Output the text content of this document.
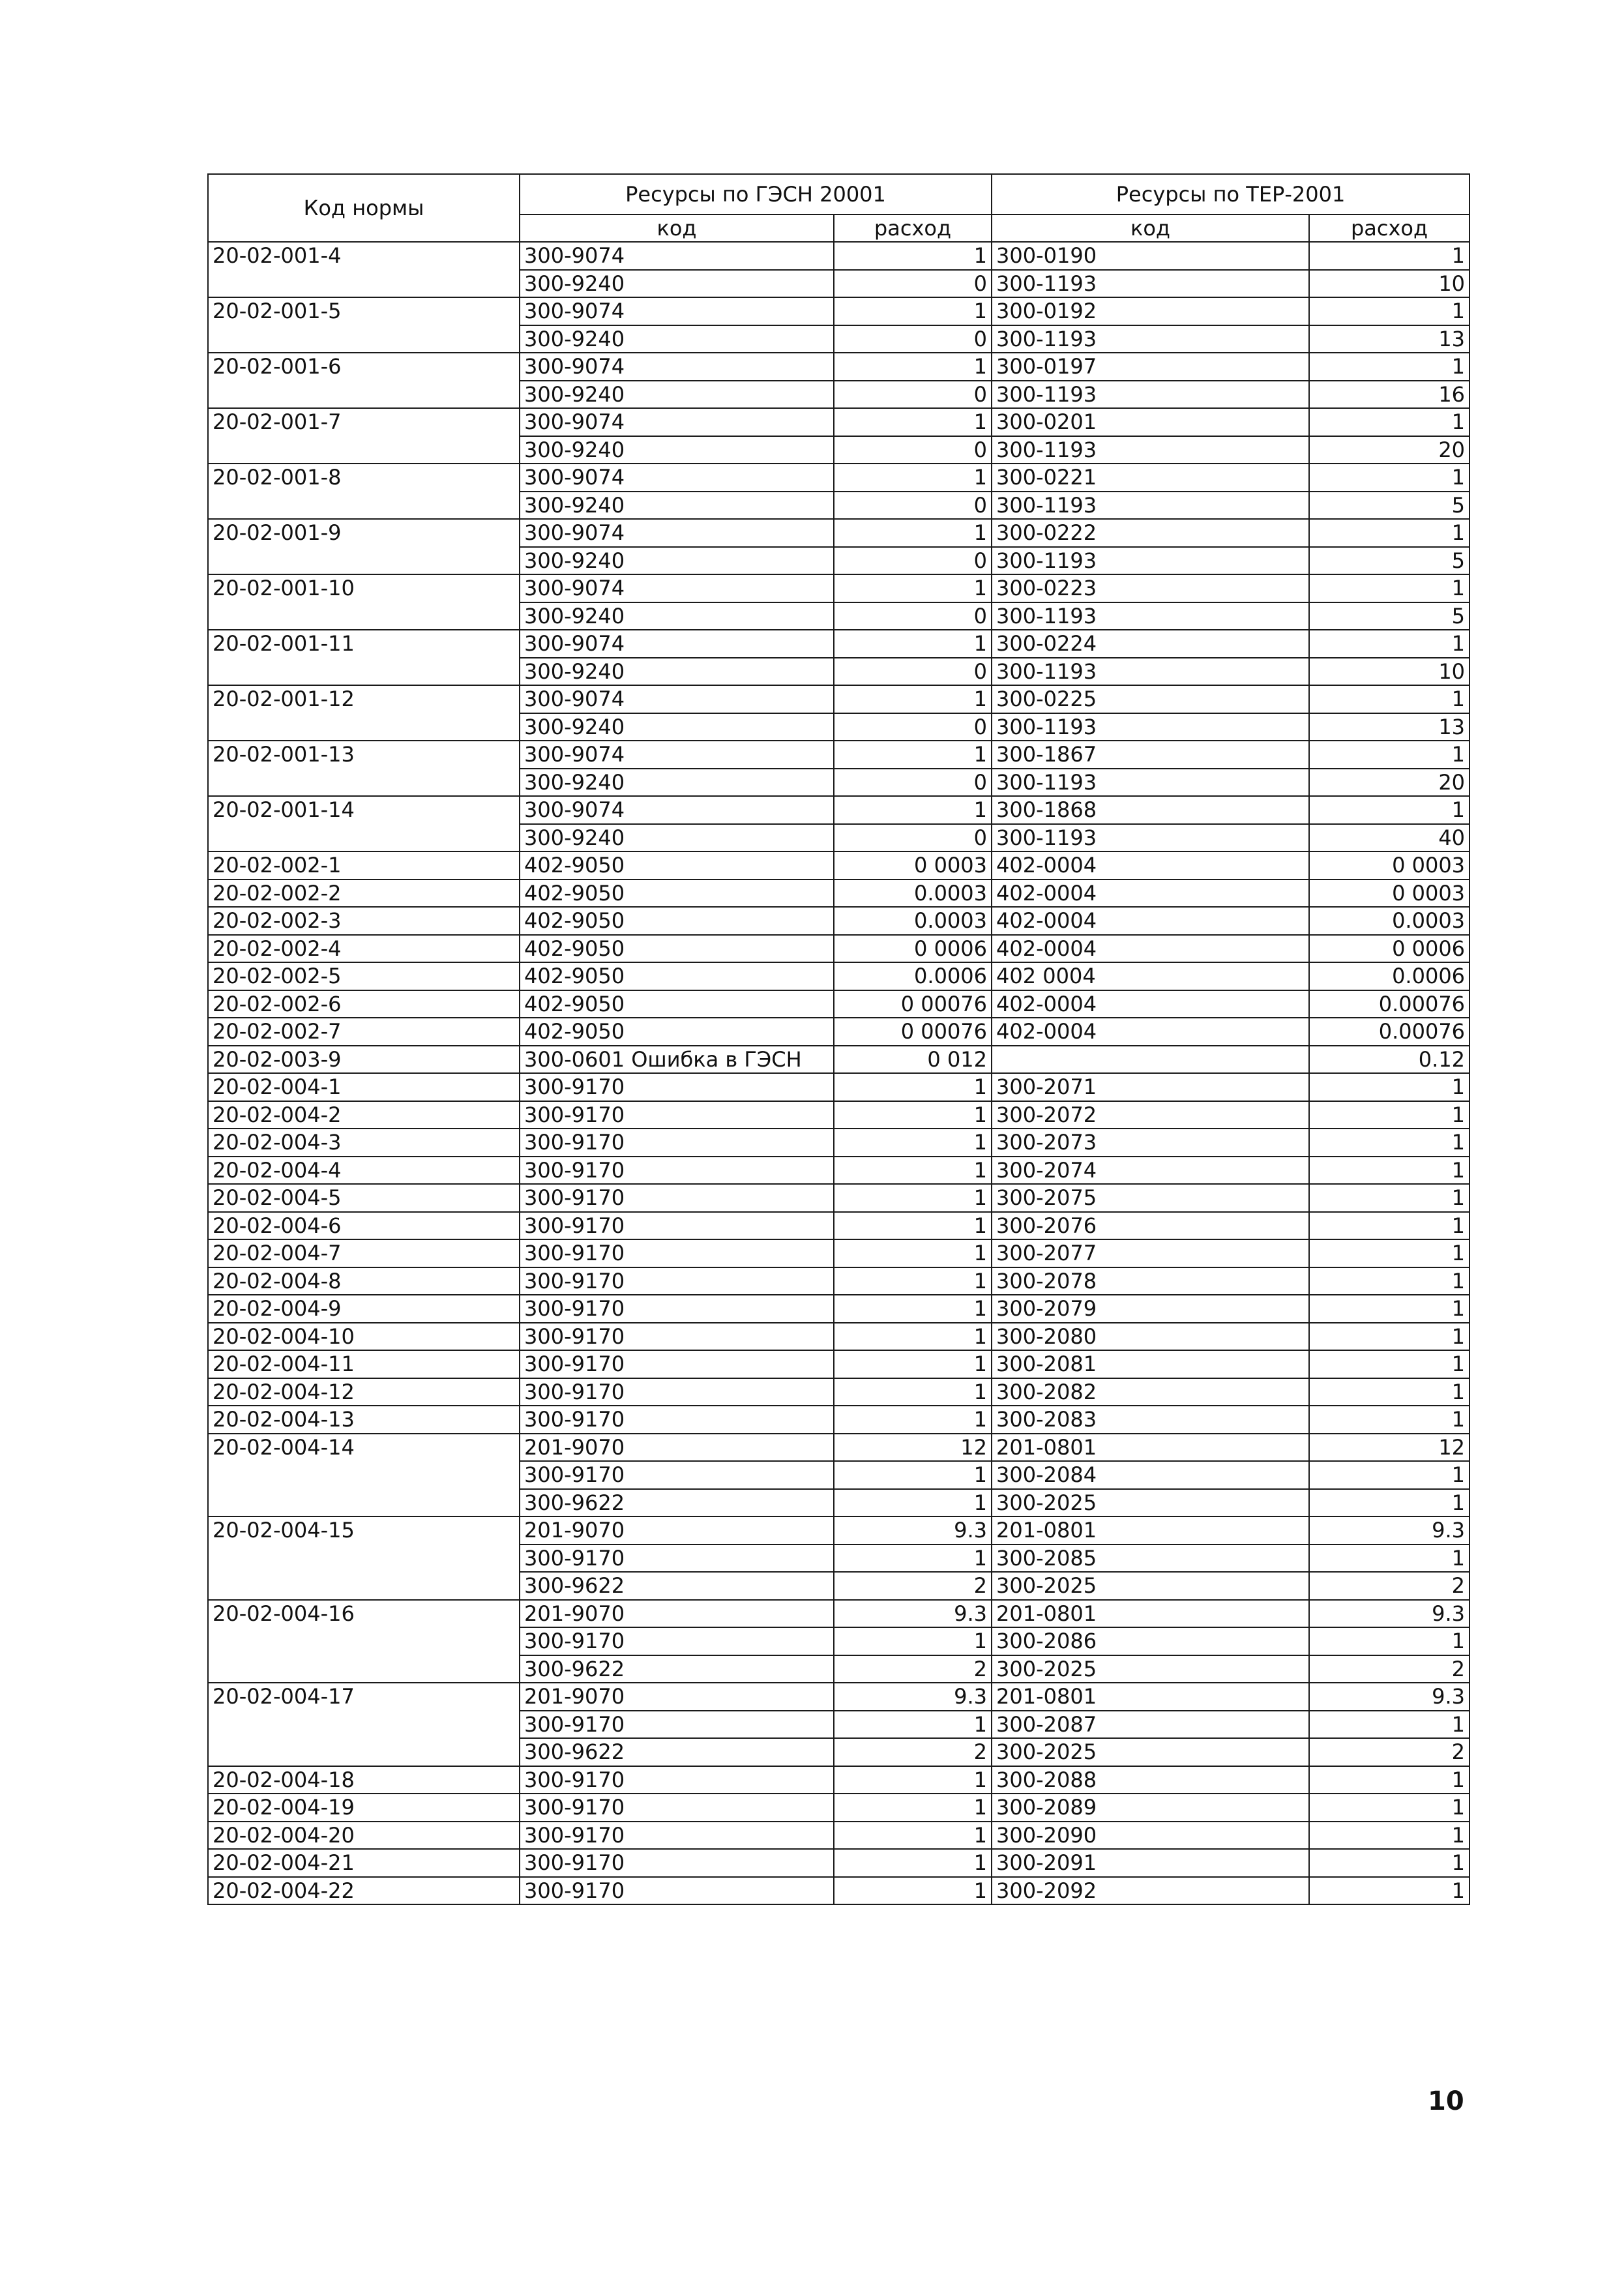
Код нормы	Ресурсы по ГЭСН 20001		Ресурсы по ТЕР-2001	
	код	расход	код	расход
20-02-001-4	300-9074	1	300-0190	1
	300-9240	0	300-1193	10
20-02-001-5	300-9074	1	300-0192	1
	300-9240	0	300-1193	13
20-02-001-6	300-9074	1	300-0197	1
	300-9240	0	300-1193	16
20-02-001-7	300-9074	1	300-0201	1
	300-9240	0	300-1193	20
20-02-001-8	300-9074	1	300-0221	1
	300-9240	0	300-1193	5
20-02-001-9	300-9074	1	300-0222	1
	300-9240	0	300-1193	5
20-02-001-10	300-9074	1	300-0223	1
	300-9240	0	300-1193	5
20-02-001-11	300-9074	1	300-0224	1
	300-9240	0	300-1193	10
20-02-001-12	300-9074	1	300-0225	1
	300-9240	0	300-1193	13
20-02-001-13	300-9074	1	300-1867	1
	300-9240	0	300-1193	20
20-02-001-14	300-9074	1	300-1868	1
	300-9240	0	300-1193	40
20-02-002-1	402-9050	0 0003	402-0004	0 0003
20-02-002-2	402-9050	0.0003	402-0004	0 0003
20-02-002-3	402-9050	0.0003	402-0004	0.0003
20-02-002-4	402-9050	0 0006	402-0004	0 0006
20-02-002-5	402-9050	0.0006	402 0004	0.0006
20-02-002-6	402-9050	0 00076	402-0004	0.00076
20-02-002-7	402-9050	0 00076	402-0004	0.00076
20-02-003-9	300-0601 Ошибка в ГЭСН	0 012		0.12
20-02-004-1	300-9170	1	300-2071	1
20-02-004-2	300-9170	1	300-2072	1
20-02-004-3	300-9170	1	300-2073	1
20-02-004-4	300-9170	1	300-2074	1
20-02-004-5	300-9170	1	300-2075	1
20-02-004-6	300-9170	1	300-2076	1
20-02-004-7	300-9170	1	300-2077	1
20-02-004-8	300-9170	1	300-2078	1
20-02-004-9	300-9170	1	300-2079	1
20-02-004-10	300-9170	1	300-2080	1
20-02-004-11	300-9170	1	300-2081	1
20-02-004-12	300-9170	1	300-2082	1
20-02-004-13	300-9170	1	300-2083	1
20-02-004-14	201-9070	12	201-0801	12
	300-9170	1	300-2084	1
	300-9622	1	300-2025	1
20-02-004-15	201-9070	9.3	201-0801	9.3
	300-9170	1	300-2085	1
	300-9622	2	300-2025	2
20-02-004-16	201-9070	9.3	201-0801	9.3
	300-9170	1	300-2086	1
	300-9622	2	300-2025	2
20-02-004-17	201-9070	9.3	201-0801	9.3
	300-9170	1	300-2087	1
	300-9622	2	300-2025	2
20-02-004-18	300-9170	1	300-2088	1
20-02-004-19	300-9170	1	300-2089	1
20-02-004-20	300-9170	1	300-2090	1
20-02-004-21	300-9170	1	300-2091	1
20-02-004-22	300-9170	1	300-2092	1
10
